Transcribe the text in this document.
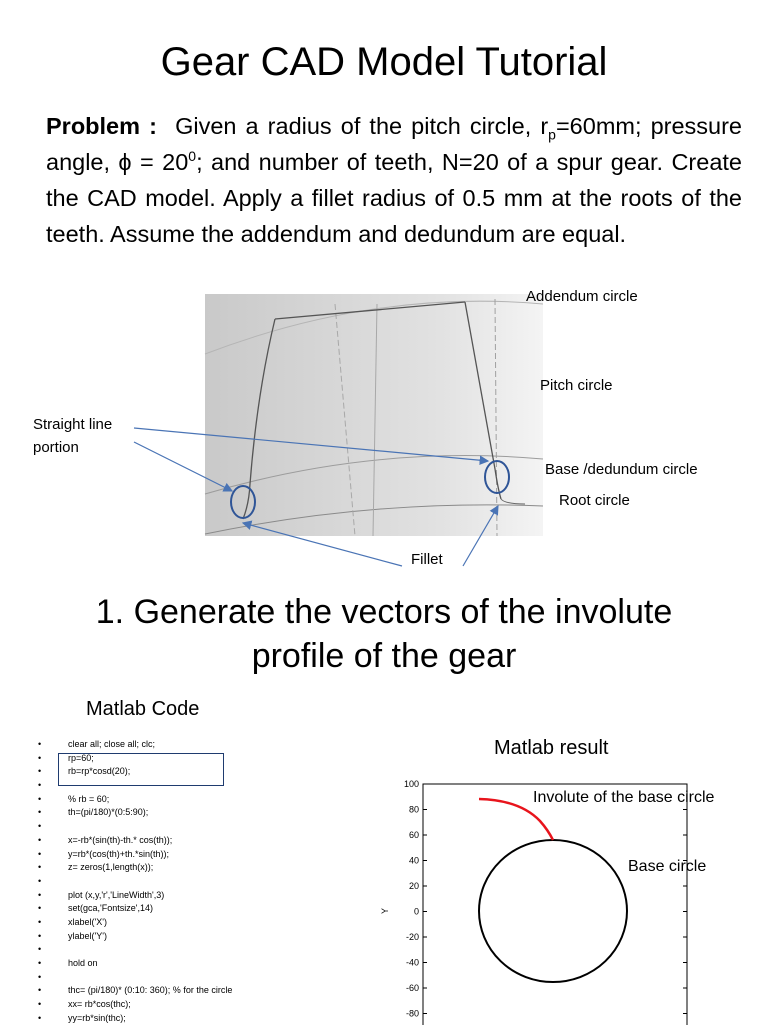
Gear CAD Model Tutorial
Problem : Given a radius of the pitch circle, $r_p=60mm$; pressure angle, $\phi = 20^0$; and number of teeth, N=20 of a spur gear. Create the CAD model. Apply a fillet radius of 0.5 mm at the roots of the teeth. Assume the addendum and dedundum are equal.
Addendum circle
Pitch circle
Straight line
portion
Base /dedundum circle
Root circle
Fillet
1. Generate the vectors of the involute
profile of the gear
Matlab Code
• clear all; close all; clc;
• rp=60;
• rb=rp*cosd(20);
•
• % rb = 60;
• th=(pi/180)*(0:5:90);
•
• x=-rb*(sin(th)-th.* cos(th));
• y=rb*(cos(th)+th.*sin(th));
• z= zeros(1,length(x));
•
• plot (x,y,'r','LineWidth',3)
• set(gca,'Fontsize',14)
• xlabel('X')
• ylabel('Y')
•
• hold on
•
• thc= (pi/180)* (0:10: 360); % for the circle
• xx= rb*cos(thc);
• yy=rb*sin(thc);
Matlab result
100
80
60
40
20
0
-20
-40
-60
-80
Y
Involute of the base circle
Base circle
